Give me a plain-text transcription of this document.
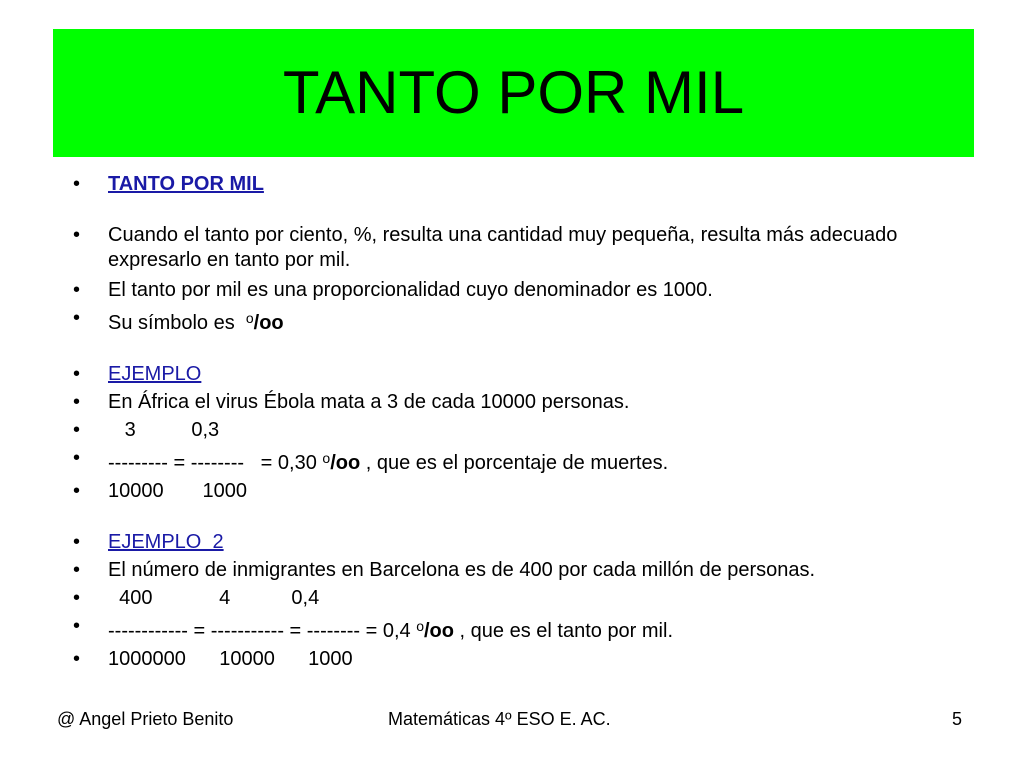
TANTO POR MIL
• TANTO POR MIL
• Cuando el tanto por ciento, %, resulta una cantidad muy pequeña, resulta más adecuado expresarlo en tanto por mil.
• El tanto por mil es una proporcionalidad cuyo denominador es 1000.
• Su símbolo es  $^o$/oo
• EJEMPLO
• En África el virus Ébola mata a 3 de cada 10000 personas.
•    3          0,3
• --------- = --------   = 0,30 $^o$/oo , que es el porcentaje de muertes.
• 10000       1000
• EJEMPLO  2
• El número de inmigrantes en Barcelona es de 400 por cada millón de personas.
•   400            4           0,4
• ------------ = ----------- = -------- = 0,4 $^o$/oo , que es el tanto por mil.
• 1000000      10000      1000
@ Angel Prieto Benito	Matemáticas 4º ESO E. AC.	5
